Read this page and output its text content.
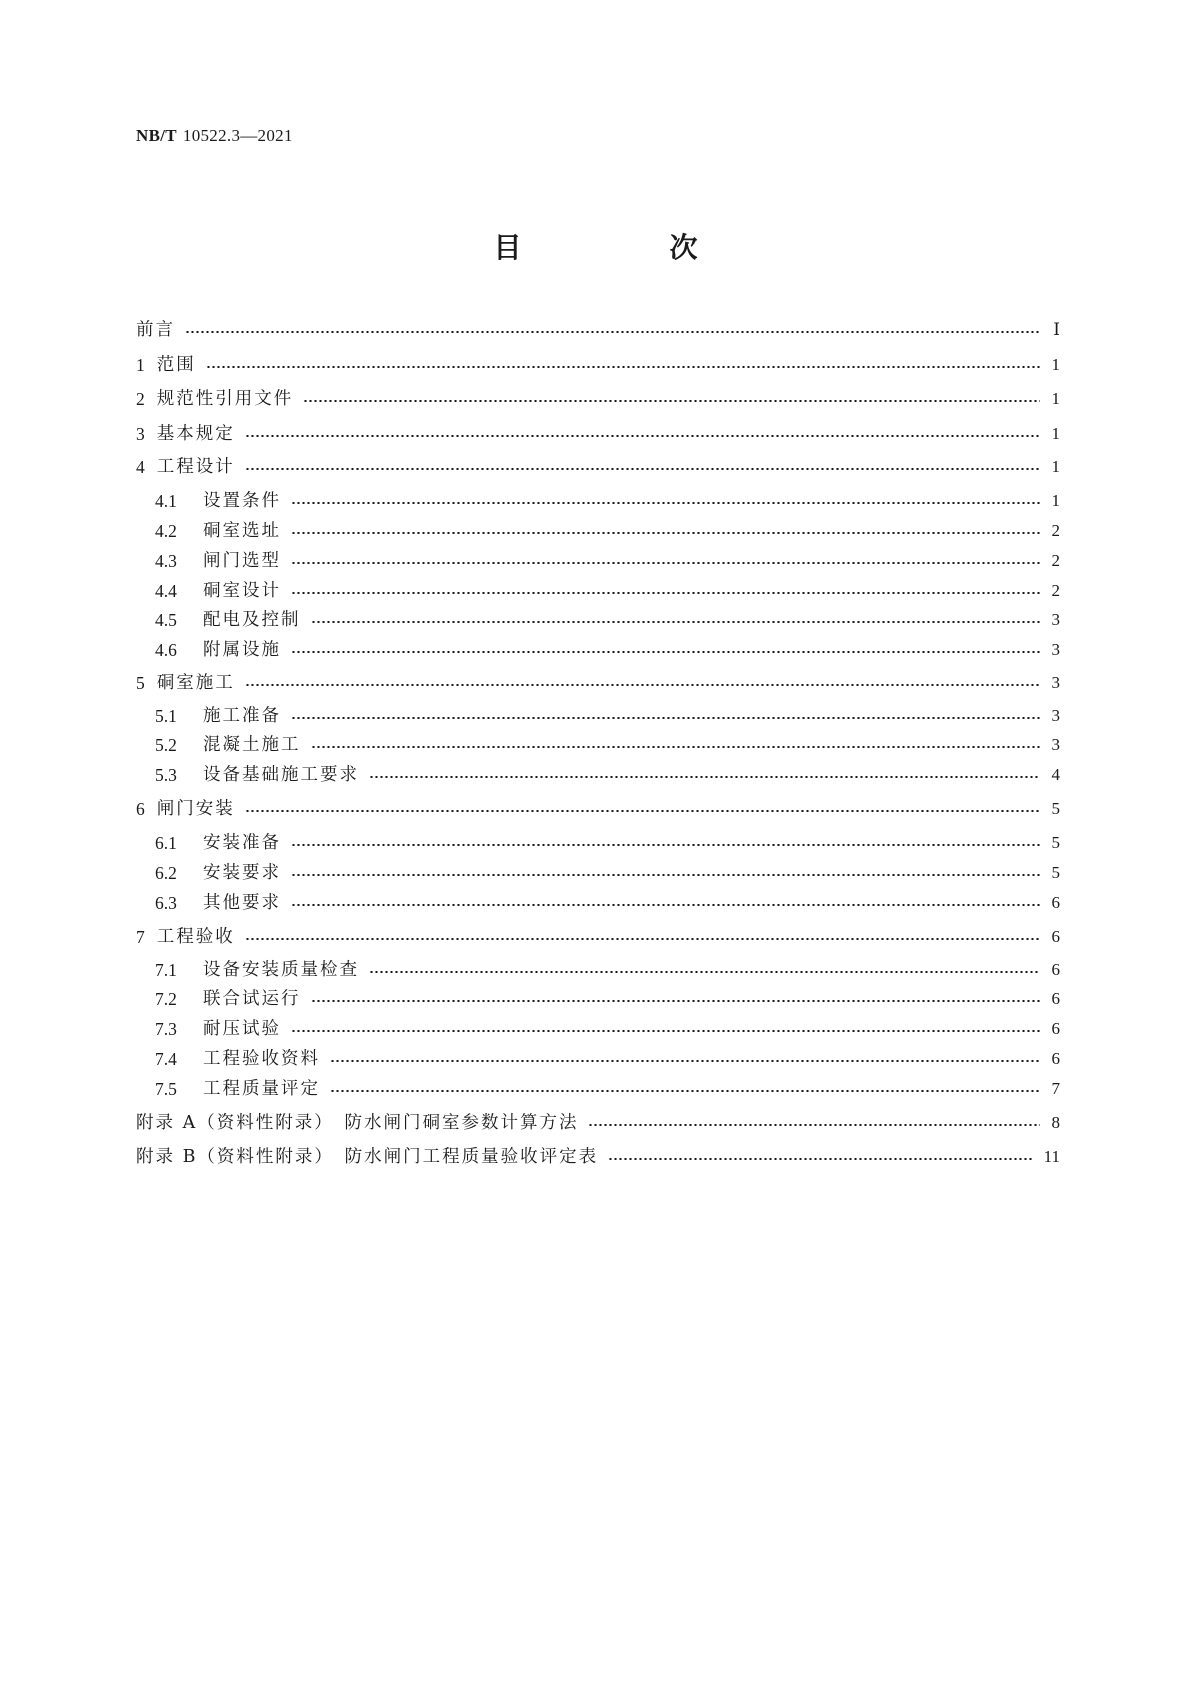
NB/T 10522.3—2021
目　次
前言	Ⅰ
1 范围	1
2 规范性引用文件	1
3 基本规定	1
4 工程设计	1
4.1	设置条件	1
4.2	硐室选址	2
4.3	闸门选型	2
4.4	硐室设计	2
4.5	配电及控制	3
4.6	附属设施	3
5 硐室施工	3
5.1	施工准备	3
5.2	混凝土施工	3
5.3	设备基础施工要求	4
6 闸门安装	5
6.1	安装准备	5
6.2	安装要求	5
6.3	其他要求	6
7 工程验收	6
7.1	设备安装质量检查	6
7.2	联合试运行	6
7.3	耐压试验	6
7.4	工程验收资料	6
7.5	工程质量评定	7
附录 A（资料性附录）　防水闸门硐室参数计算方法	8
附录 B（资料性附录）　防水闸门工程质量验收评定表	11
